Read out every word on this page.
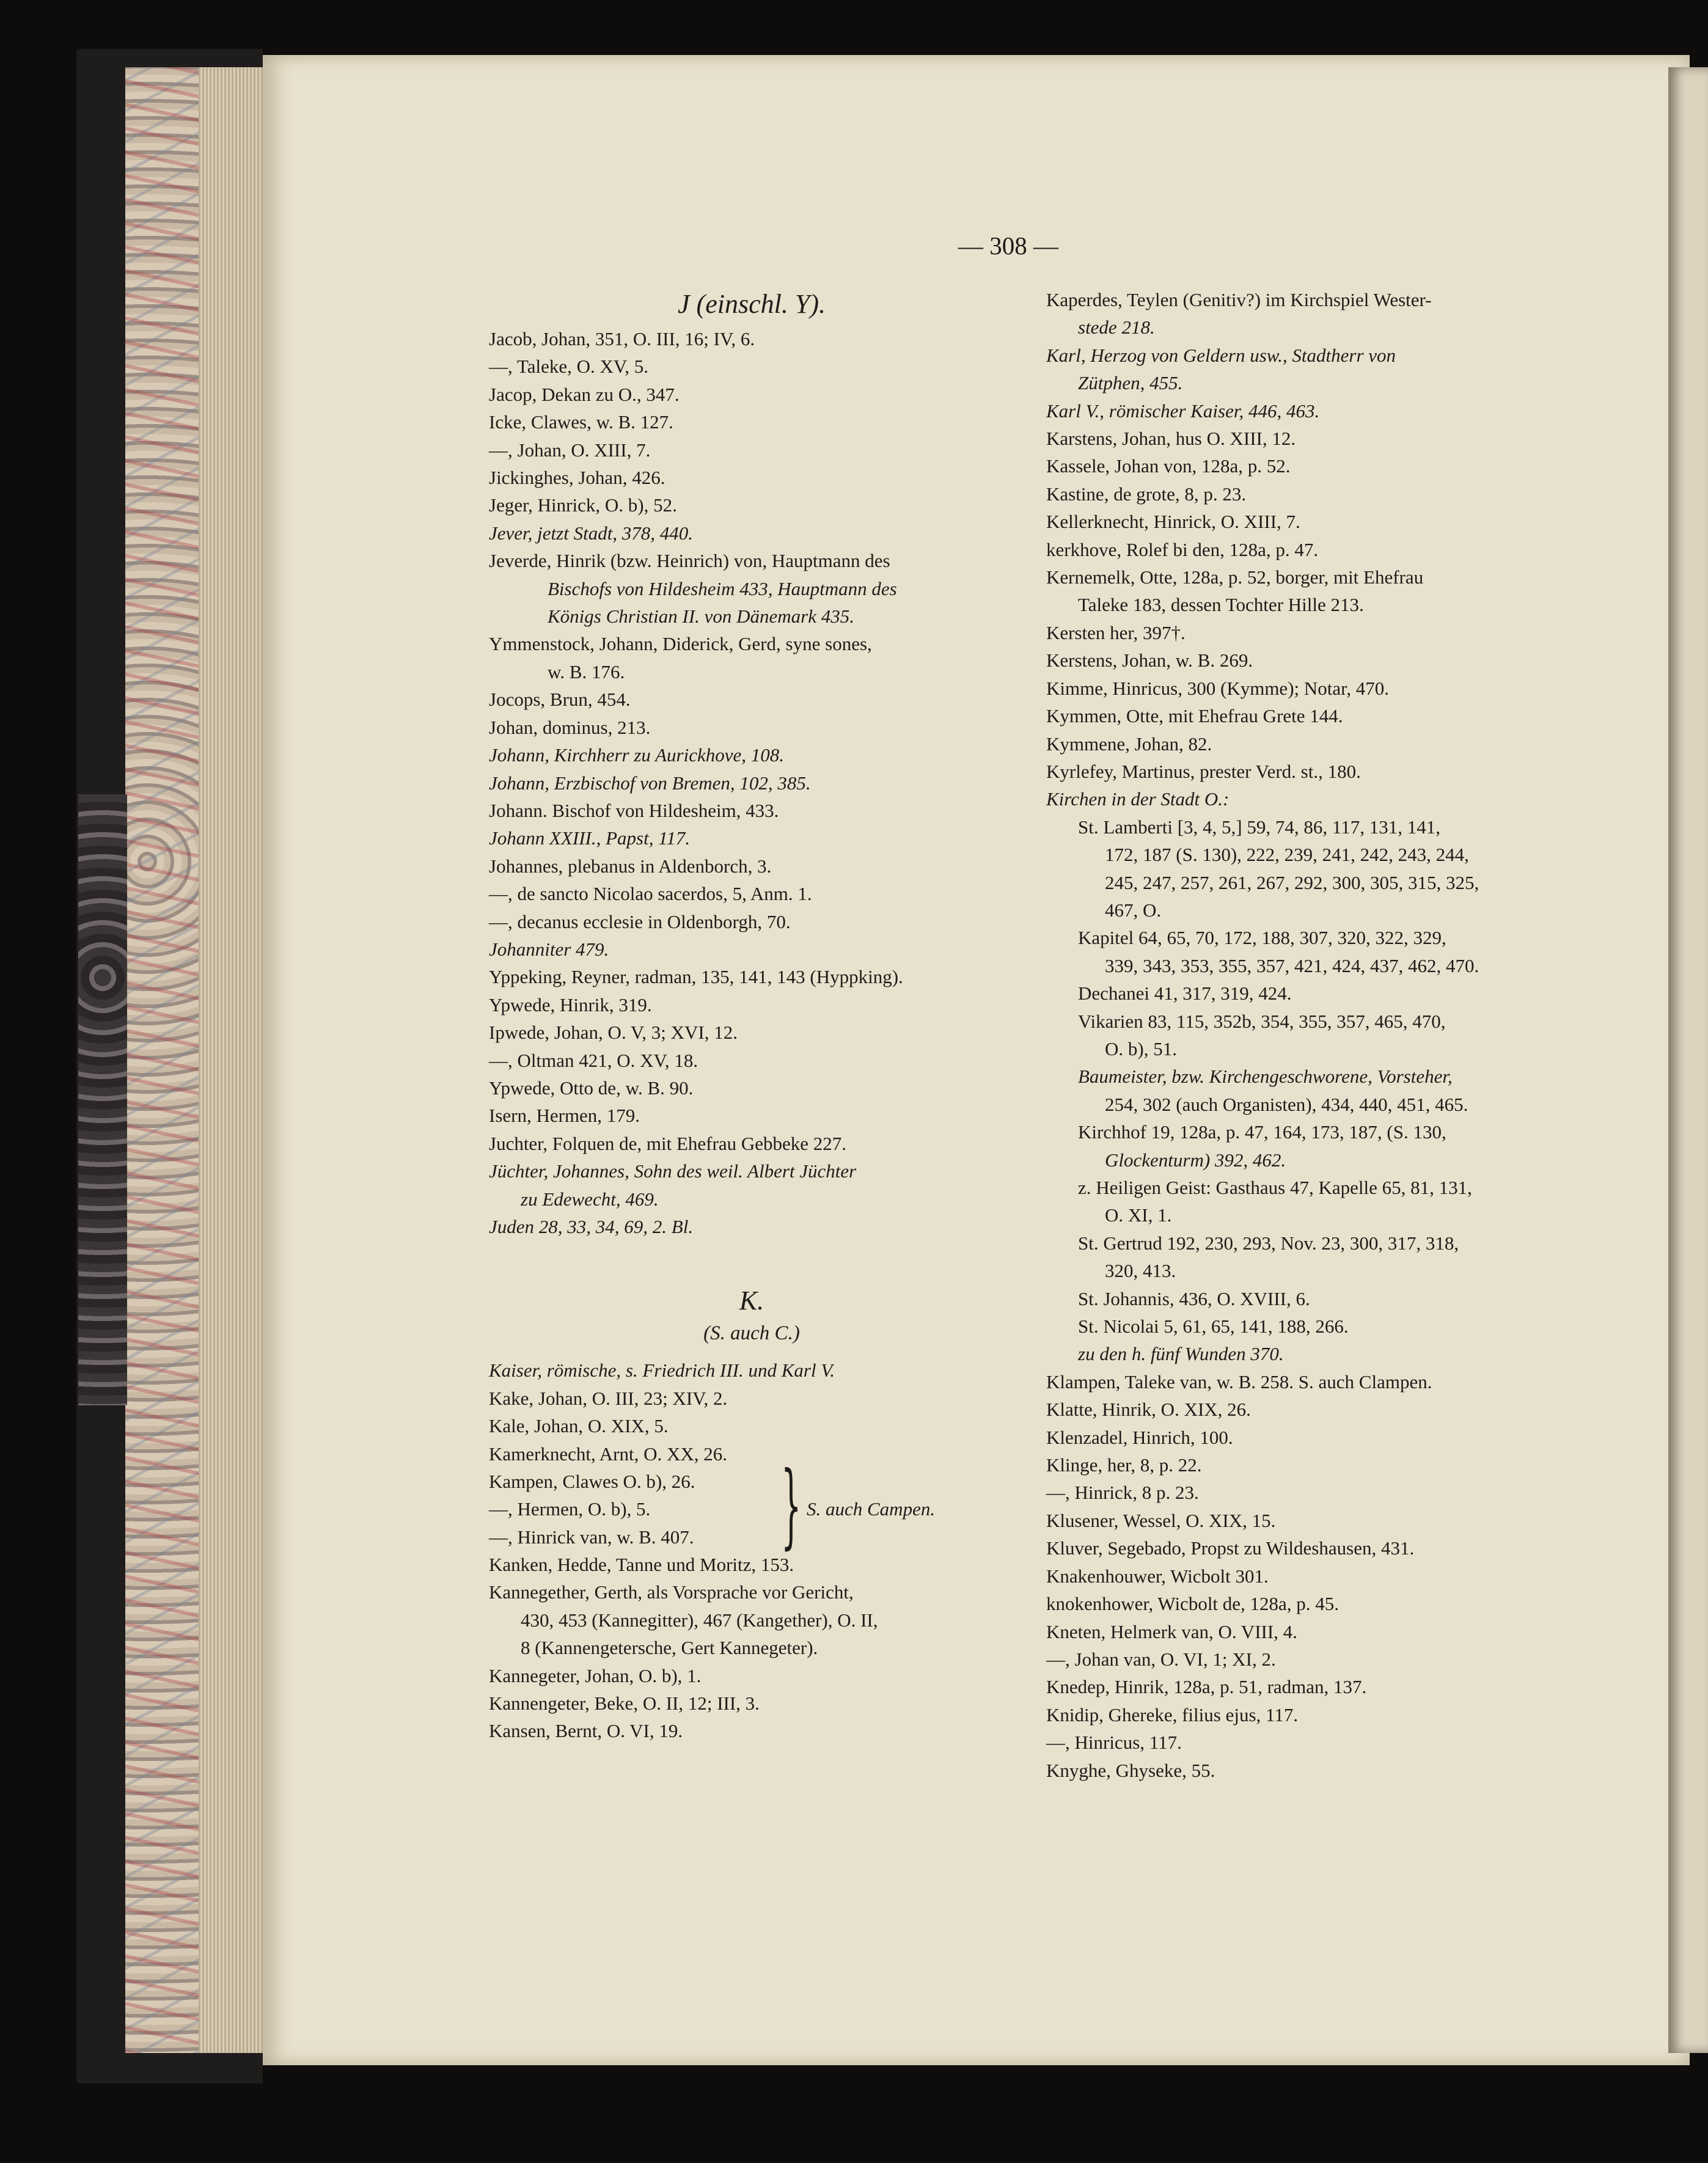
— 308 —
J (einschl. Y).
Jacob, Johan, 351, O. III, 16; IV, 6.
—, Taleke, O. XV, 5.
Jacop, Dekan zu O., 347.
Icke, Clawes, w. B. 127.
—, Johan, O. XIII, 7.
Jickinghes, Johan, 426.
Jeger, Hinrick, O. b), 52.
Jever, jetzt Stadt, 378, 440.
Jeverde, Hinrik (bzw. Heinrich) von, Hauptmann des
Bischofs von Hildesheim 433, Hauptmann des
Königs Christian II. von Dänemark 435.
Ymmenstock, Johann, Diderick, Gerd, syne sones,
w. B. 176.
Jocops, Brun, 454.
Johan, dominus, 213.
Johann, Kirchherr zu Aurickhove, 108.
Johann, Erzbischof von Bremen, 102, 385.
Johann. Bischof von Hildesheim, 433.
Johann XXIII., Papst, 117.
Johannes, plebanus in Aldenborch, 3.
—, de sancto Nicolao sacerdos, 5, Anm. 1.
—, decanus ecclesie in Oldenborgh, 70.
Johanniter 479.
Yppeking, Reyner, radman, 135, 141, 143 (Hyppking).
Ypwede, Hinrik, 319.
Ipwede, Johan, O. V, 3; XVI, 12.
—, Oltman 421, O. XV, 18.
Ypwede, Otto de, w. B. 90.
Isern, Hermen, 179.
Juchter, Folquen de, mit Ehefrau Gebbeke 227.
Jüchter, Johannes, Sohn des weil. Albert Jüchter
zu Edewecht, 469.
Juden 28, 33, 34, 69, 2. Bl.
K.
(S. auch C.)
Kaiser, römische, s. Friedrich III. und Karl V.
Kake, Johan, O. III, 23; XIV, 2.
Kale, Johan, O. XIX, 5.
Kamerknecht, Arnt, O. XX, 26.
Kampen, Clawes O. b), 26.
—, Hermen, O. b), 5.
—, Hinrick van, w. B. 407. } S. auch Campen.
Kanken, Hedde, Tanne und Moritz, 153.
Kannegether, Gerth, als Vorsprache vor Gericht,
430, 453 (Kannegitter), 467 (Kangether), O. II,
8 (Kannengetersche, Gert Kannegeter).
Kannegeter, Johan, O. b), 1.
Kannengeter, Beke, O. II, 12; III, 3.
Kansen, Bernt, O. VI, 19.
Kaperdes, Teylen (Genitiv?) im Kirchspiel Wester-
stede 218.
Karl, Herzog von Geldern usw., Stadtherr von
Zütphen, 455.
Karl V., römischer Kaiser, 446, 463.
Karstens, Johan, hus O. XIII, 12.
Kassele, Johan von, 128a, p. 52.
Kastine, de grote, 8, p. 23.
Kellerknecht, Hinrick, O. XIII, 7.
kerkhove, Rolef bi den, 128a, p. 47.
Kernemelk, Otte, 128a, p. 52, borger, mit Ehefrau
Taleke 183, dessen Tochter Hille 213.
Kersten her, 397†.
Kerstens, Johan, w. B. 269.
Kimme, Hinricus, 300 (Kymme); Notar, 470.
Kymmen, Otte, mit Ehefrau Grete 144.
Kymmene, Johan, 82.
Kyrlefey, Martinus, prester Verd. st., 180.
Kirchen in der Stadt O.:
St. Lamberti [3, 4, 5,] 59, 74, 86, 117, 131, 141,
172, 187 (S. 130), 222, 239, 241, 242, 243, 244,
245, 247, 257, 261, 267, 292, 300, 305, 315, 325,
467, O.
Kapitel 64, 65, 70, 172, 188, 307, 320, 322, 329,
339, 343, 353, 355, 357, 421, 424, 437, 462, 470.
Dechanei 41, 317, 319, 424.
Vikarien 83, 115, 352b, 354, 355, 357, 465, 470,
O. b), 51.
Baumeister, bzw. Kirchengeschworene, Vorsteher,
254, 302 (auch Organisten), 434, 440, 451, 465.
Kirchhof 19, 128a, p. 47, 164, 173, 187, (S. 130,
Glockenturm) 392, 462.
z. Heiligen Geist: Gasthaus 47, Kapelle 65, 81, 131,
O. XI, 1.
St. Gertrud 192, 230, 293, Nov. 23, 300, 317, 318,
320, 413.
St. Johannis, 436, O. XVIII, 6.
St. Nicolai 5, 61, 65, 141, 188, 266.
zu den h. fünf Wunden 370.
Klampen, Taleke van, w. B. 258. S. auch Clampen.
Klatte, Hinrik, O. XIX, 26.
Klenzadel, Hinrich, 100.
Klinge, her, 8, p. 22.
—, Hinrick, 8 p. 23.
Klusener, Wessel, O. XIX, 15.
Kluver, Segebado, Propst zu Wildeshausen, 431.
Knakenhouwer, Wicbolt 301.
knokenhower, Wicbolt de, 128a, p. 45.
Kneten, Helmerk van, O. VIII, 4.
—, Johan van, O. VI, 1; XI, 2.
Knedep, Hinrik, 128a, p. 51, radman, 137.
Knidip, Ghereke, filius ejus, 117.
—, Hinricus, 117.
Knyghe, Ghyseke, 55.
